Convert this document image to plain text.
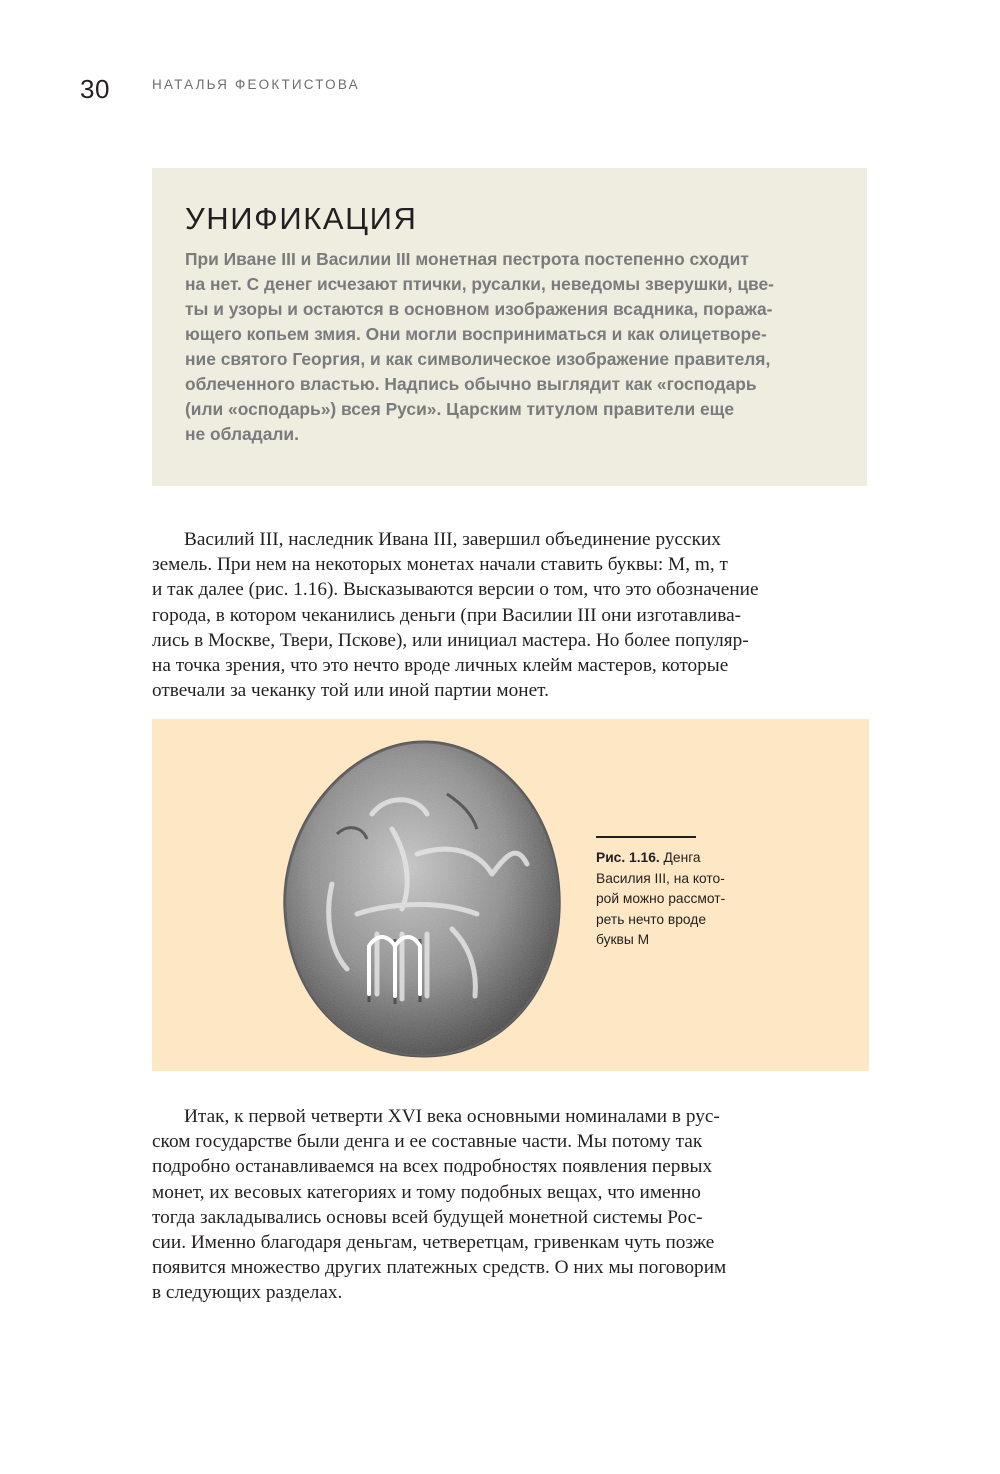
30	НАТАЛЬЯ ФЕОКТИСТОВА
УНИФИКАЦИЯ
При Иване III и Василии III монетная пестрота постепенно сходит
на нет. С денег исчезают птички, русалки, неведомы зверушки, цве-
ты и узоры и остаются в основном изображения всадника, поража-
ющего копьем змия. Они могли восприниматься и как олицетворе-
ние святого Георгия, и как символическое изображение правителя,
облеченного властью. Надпись обычно выглядит как «господарь
(или «осподарь») всея Руси». Царским титулом правители еще
не обладали.
Василий III, наследник Ивана III, завершил объединение русских
земель. При нем на некоторых монетах начали ставить буквы: М, m, т
и так далее (рис. 1.16). Высказываются версии о том, что это обозначение
города, в котором чеканились деньги (при Василии III они изготавлива-
лись в Москве, Твери, Пскове), или инициал мастера. Но более популяр-
на точка зрения, что это нечто вроде личных клейм мастеров, которые
отвечали за чеканку той или иной партии монет.
Рис. 1.16. Денга
Василия III, на кото-
рой можно рассмот-
реть нечто вроде
буквы М
Итак, к первой четверти XVI века основными номиналами в рус-
ском государстве были денга и ее составные части. Мы потому так
подробно останавливаемся на всех подробностях появления первых
монет, их весовых категориях и тому подобных вещах, что именно
тогда закладывались основы всей будущей монетной системы Рос-
сии. Именно благодаря деньгам, четверетцам, гривенкам чуть позже
появится множество других платежных средств. О них мы поговорим
в следующих разделах.
